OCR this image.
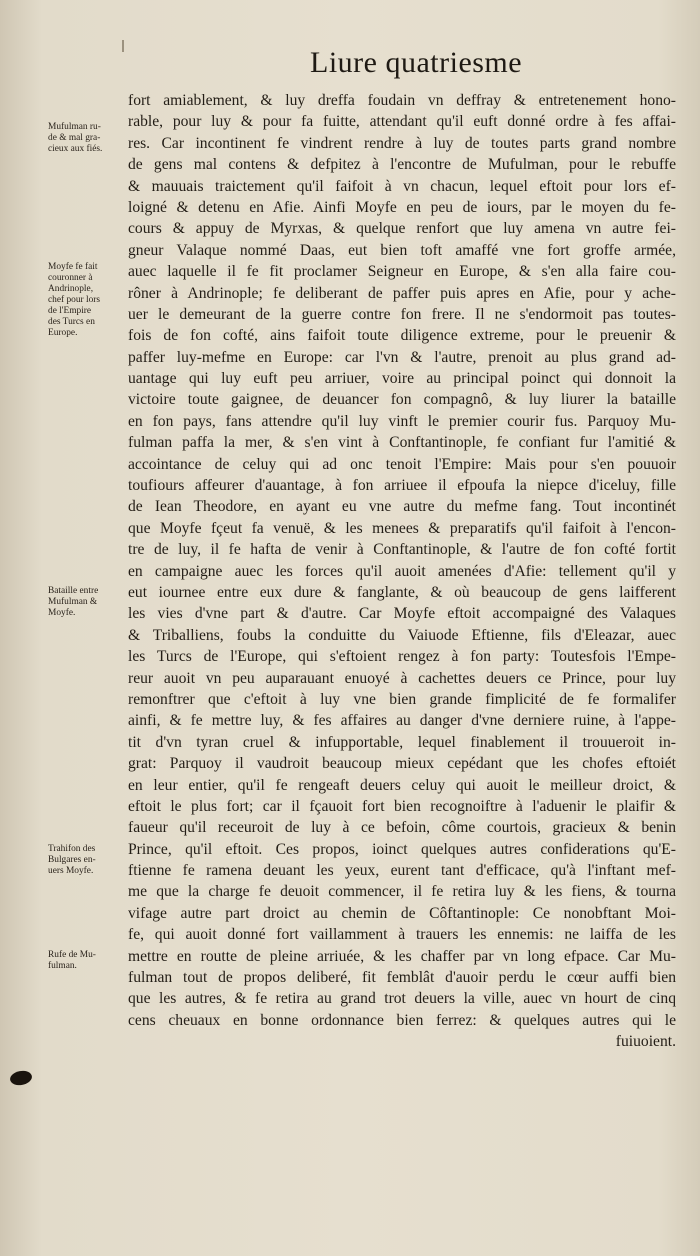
Liure quatriesme
Mufulman ru-
de & mal gra-
cieux aux fiés.
Moyfe fe fait
couronner à
Andrinople,
chef pour lors
de l'Empire
des Turcs en
Europe.
Bataille entre
Mufulman &
Moyfe.
Trahifon des
Bulgares en-
uers Moyfe.
Rufe de Mu-
fulman.
fort amiablement, & luy dreffa foudain vn deffray & entretenement hono-
rable, pour luy & pour fa fuitte, attendant qu'il euft donné ordre à fes affai-
res. Car incontinent fe vindrent rendre à luy de toutes parts grand nombre
de gens mal contens & defpitez à l'encontre de Mufulman, pour le rebuffe
& mauuais traictement qu'il faifoit à vn chacun, lequel eftoit pour lors ef-
loigné & detenu en Afie. Ainfi Moyfe en peu de iours, par le moyen du fe-
cours & appuy de Myrxas, & quelque renfort que luy amena vn autre fei-
gneur Valaque nommé Daas, eut bien toft amaffé vne fort groffe armée,
auec laquelle il fe fit proclamer Seigneur en Europe, & s'en alla faire cou-
rôner à Andrinople; fe deliberant de paffer puis apres en Afie, pour y ache-
uer le demeurant de la guerre contre fon frere. Il ne s'endormoit pas toutes-
fois de fon cofté, ains faifoit toute diligence extreme, pour le preuenir &
paffer luy-mefme en Europe: car l'vn & l'autre, prenoit au plus grand ad-
uantage qui luy euft peu arriuer, voire au principal poinct qui donnoit la
victoire toute gaignee, de deuancer fon compagnô, & luy liurer la bataille
en fon pays, fans attendre qu'il luy vinft le premier courir fus. Parquoy Mu-
fulman paffa la mer, & s'en vint à Conftantinople, fe confiant fur l'amitié &
accointance de celuy qui ad onc tenoit l'Empire: Mais pour s'en pouuoir
toufiours affeurer d'auantage, à fon arriuee il efpoufa la niepce d'iceluy, fille
de Iean Theodore, en ayant eu vne autre du mefme fang. Tout incontinét
que Moyfe fçeut fa venuë, & les menees & preparatifs qu'il faifoit à l'encon-
tre de luy, il fe hafta de venir à Conftantinople, & l'autre de fon cofté fortit
en campaigne auec les forces qu'il auoit amenées d'Afie: tellement qu'il y
eut iournee entre eux dure & fanglante, & où beaucoup de gens laifferent
les vies d'vne part & d'autre. Car Moyfe eftoit accompaigné des Valaques
& Triballiens, foubs la conduitte du Vaiuode Eftienne, fils d'Eleazar, auec
les Turcs de l'Europe, qui s'eftoient rengez à fon party: Toutesfois l'Empe-
reur auoit vn peu auparauant enuoyé à cachettes deuers ce Prince, pour luy
remonftrer que c'eftoit à luy vne bien grande fimplicité de fe formalifer
ainfi, & fe mettre luy, & fes affaires au danger d'vne derniere ruine, à l'appe-
tit d'vn tyran cruel & infupportable, lequel finablement il trouueroit in-
grat: Parquoy il vaudroit beaucoup mieux cepédant que les chofes eftoiét
en leur entier, qu'il fe rengeaft deuers celuy qui auoit le meilleur droict, &
eftoit le plus fort; car il fçauoit fort bien recognoiftre à l'aduenir le plaifir &
faueur qu'il receuroit de luy à ce befoin, côme courtois, gracieux & benin
Prince, qu'il eftoit. Ces propos, ioinct quelques autres confiderations qu'E-
ftienne fe ramena deuant les yeux, eurent tant d'efficace, qu'à l'inftant mef-
me que la charge fe deuoit commencer, il fe retira luy & les fiens, & tourna
vifage autre part droict au chemin de Côftantinople: Ce nonobftant Moi-
fe, qui auoit donné fort vaillamment à trauers les ennemis: ne laiffa de les
mettre en routte de pleine arriuée, & les chaffer par vn long efpace. Car Mu-
fulman tout de propos deliberé, fit femblât d'auoir perdu le cœur auffi bien
que les autres, & fe retira au grand trot deuers la ville, auec vn hourt de cinq
cens cheuaux en bonne ordonnance bien ferrez: & quelques autres qui le
fuiuoient.
